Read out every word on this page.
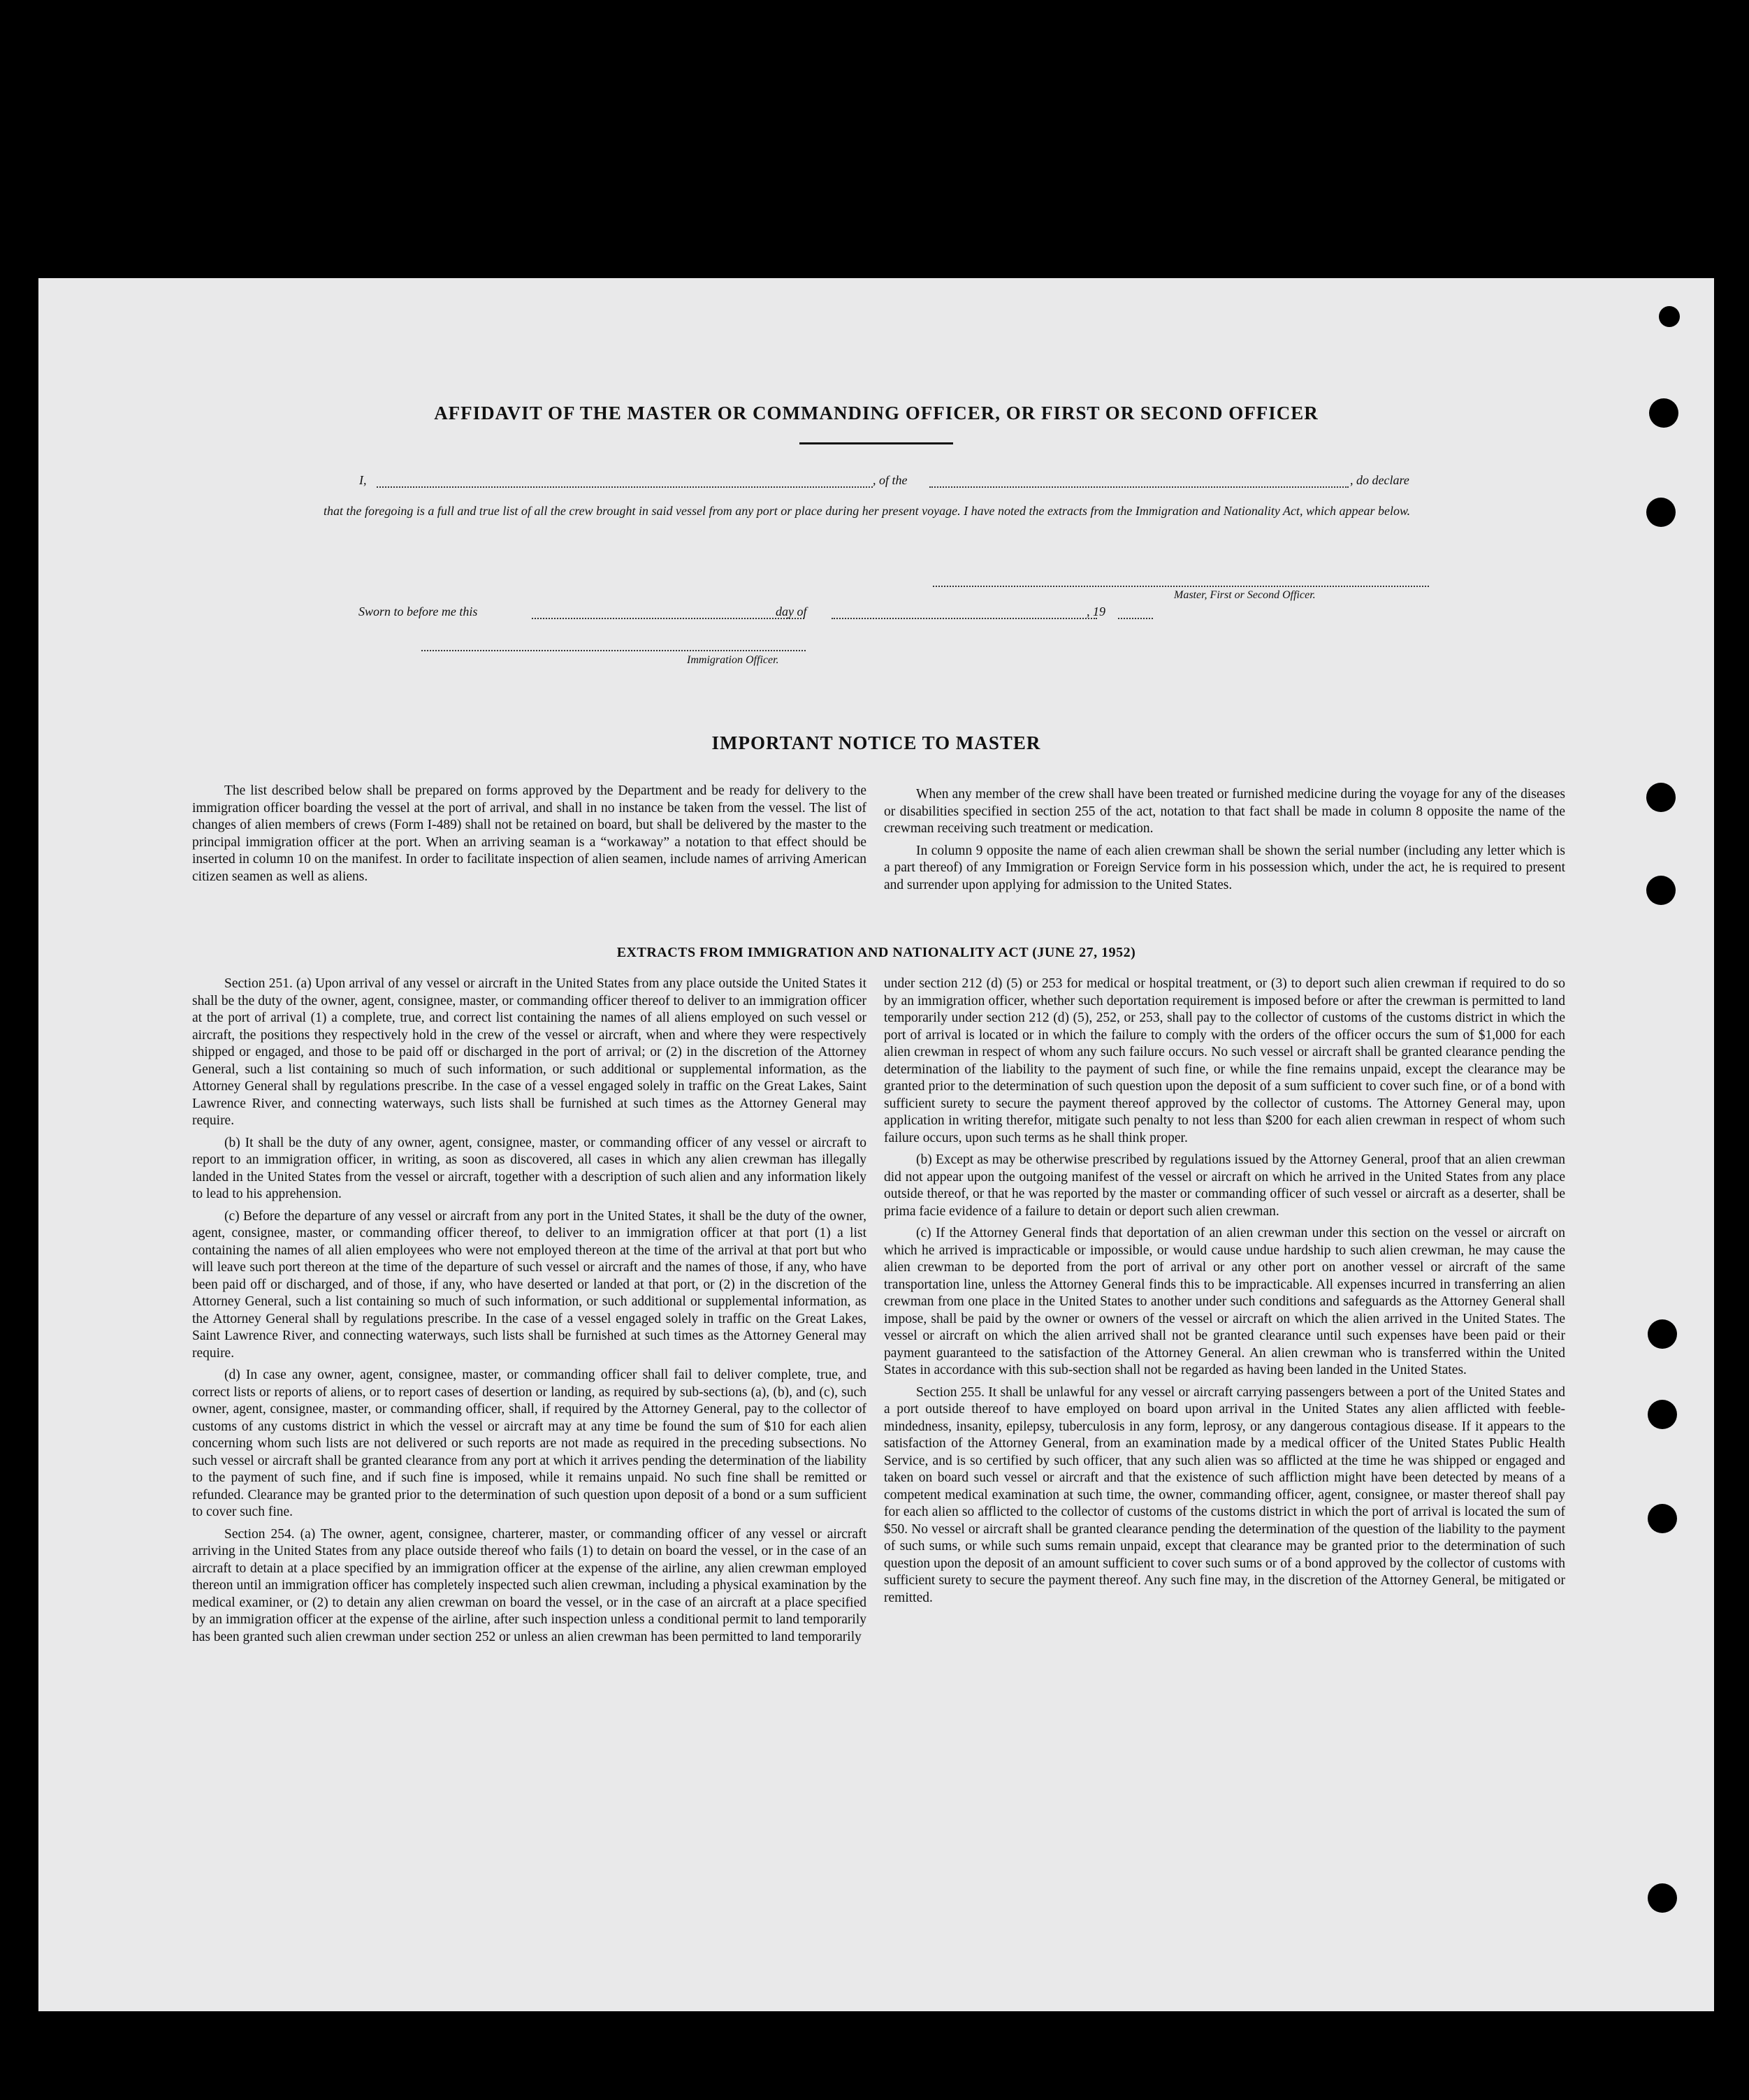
AFFIDAVIT OF THE MASTER OR COMMANDING OFFICER, OR FIRST OR SECOND OFFICER
I,	, of the	, do declare
that the foregoing is a full and true list of all the crew brought in said vessel from any port or place during her present voyage. I have noted the extracts from the Immigration and Nationality Act, which appear below.
Master, First or Second Officer.
Sworn to before me this	day of	, 19
Immigration Officer.
IMPORTANT NOTICE TO MASTER

The list described below shall be prepared on forms approved by the Department and be ready for delivery to the immigration officer boarding the vessel at the port of arrival, and shall in no instance be taken from the vessel. The list of changes of alien members of crews (Form I-489) shall not be retained on board, but shall be delivered by the master to the principal immigration officer at the port. When an arriving seaman is a “workaway” a notation to that effect should be inserted in column 10 on the manifest. In order to facilitate inspection of alien seamen, include names of arriving American citizen seamen as well as aliens.

When any member of the crew shall have been treated or furnished medicine during the voyage for any of the diseases or disabilities specified in section 255 of the act, notation to that fact shall be made in column 8 opposite the name of the crewman receiving such treatment or medication.

In column 9 opposite the name of each alien crewman shall be shown the serial number (including any letter which is a part thereof) of any Immigration or Foreign Service form in his possession which, under the act, he is required to present and surrender upon applying for admission to the United States.

EXTRACTS FROM IMMIGRATION AND NATIONALITY ACT (JUNE 27, 1952)

Section 251. (a) Upon arrival of any vessel or aircraft in the United States from any place outside the United States it shall be the duty of the owner, agent, consignee, master, or commanding officer thereof to deliver to an immigration officer at the port of arrival (1) a complete, true, and correct list containing the names of all aliens employed on such vessel or aircraft, the positions they respectively hold in the crew of the vessel or aircraft, when and where they were respectively shipped or engaged, and those to be paid off or discharged in the port of arrival; or (2) in the discretion of the Attorney General, such a list containing so much of such information, or such additional or supplemental information, as the Attorney General shall by regulations prescribe. In the case of a vessel engaged solely in traffic on the Great Lakes, Saint Lawrence River, and connecting waterways, such lists shall be furnished at such times as the Attorney General may require.

(b) It shall be the duty of any owner, agent, consignee, master, or commanding officer of any vessel or aircraft to report to an immigration officer, in writing, as soon as discovered, all cases in which any alien crewman has illegally landed in the United States from the vessel or aircraft, together with a description of such alien and any information likely to lead to his apprehension.

(c) Before the departure of any vessel or aircraft from any port in the United States, it shall be the duty of the owner, agent, consignee, master, or commanding officer thereof, to deliver to an immigration officer at that port (1) a list containing the names of all alien employees who were not employed thereon at the time of the arrival at that port but who will leave such port thereon at the time of the departure of such vessel or aircraft and the names of those, if any, who have been paid off or discharged, and of those, if any, who have deserted or landed at that port, or (2) in the discretion of the Attorney General, such a list containing so much of such information, or such additional or supplemental information, as the Attorney General shall by regulations prescribe. In the case of a vessel engaged solely in traffic on the Great Lakes, Saint Lawrence River, and connecting waterways, such lists shall be furnished at such times as the Attorney General may require.

(d) In case any owner, agent, consignee, master, or commanding officer shall fail to deliver complete, true, and correct lists or reports of aliens, or to report cases of desertion or landing, as required by sub-sections (a), (b), and (c), such owner, agent, consignee, master, or commanding officer, shall, if required by the Attorney General, pay to the collector of customs of any customs district in which the vessel or aircraft may at any time be found the sum of $10 for each alien concerning whom such lists are not delivered or such reports are not made as required in the preceding subsections. No such vessel or aircraft shall be granted clearance from any port at which it arrives pending the determination of the liability to the payment of such fine, and if such fine is imposed, while it remains unpaid. No such fine shall be remitted or refunded. Clearance may be granted prior to the determination of such question upon deposit of a bond or a sum sufficient to cover such fine.

Section 254. (a) The owner, agent, consignee, charterer, master, or commanding officer of any vessel or aircraft arriving in the United States from any place outside thereof who fails (1) to detain on board the vessel, or in the case of an aircraft to detain at a place specified by an immigration officer at the expense of the airline, any alien crewman employed thereon until an immigration officer has completely inspected such alien crewman, including a physical examination by the medical examiner, or (2) to detain any alien crewman on board the vessel, or in the case of an aircraft at a place specified by an immigration officer at the expense of the airline, after such inspection unless a conditional permit to land temporarily has been granted such alien crewman under section 252 or unless an alien crewman has been permitted to land temporarily

under section 212 (d) (5) or 253 for medical or hospital treatment, or (3) to deport such alien crewman if required to do so by an immigration officer, whether such deportation requirement is imposed before or after the crewman is permitted to land temporarily under section 212 (d) (5), 252, or 253, shall pay to the collector of customs of the customs district in which the port of arrival is located or in which the failure to comply with the orders of the officer occurs the sum of $1,000 for each alien crewman in respect of whom any such failure occurs. No such vessel or aircraft shall be granted clearance pending the determination of the liability to the payment of such fine, or while the fine remains unpaid, except the clearance may be granted prior to the determination of such question upon the deposit of a sum sufficient to cover such fine, or of a bond with sufficient surety to secure the payment thereof approved by the collector of customs. The Attorney General may, upon application in writing therefor, mitigate such penalty to not less than $200 for each alien crewman in respect of whom such failure occurs, upon such terms as he shall think proper.

(b) Except as may be otherwise prescribed by regulations issued by the Attorney General, proof that an alien crewman did not appear upon the outgoing manifest of the vessel or aircraft on which he arrived in the United States from any place outside thereof, or that he was reported by the master or commanding officer of such vessel or aircraft as a deserter, shall be prima facie evidence of a failure to detain or deport such alien crewman.

(c) If the Attorney General finds that deportation of an alien crewman under this section on the vessel or aircraft on which he arrived is impracticable or impossible, or would cause undue hardship to such alien crewman, he may cause the alien crewman to be deported from the port of arrival or any other port on another vessel or aircraft of the same transportation line, unless the Attorney General finds this to be impracticable. All expenses incurred in transferring an alien crewman from one place in the United States to another under such conditions and safeguards as the Attorney General shall impose, shall be paid by the owner or owners of the vessel or aircraft on which the alien arrived in the United States. The vessel or aircraft on which the alien arrived shall not be granted clearance until such expenses have been paid or their payment guaranteed to the satisfaction of the Attorney General. An alien crewman who is transferred within the United States in accordance with this sub-section shall not be regarded as having been landed in the United States.

Section 255. It shall be unlawful for any vessel or aircraft carrying passengers between a port of the United States and a port outside thereof to have employed on board upon arrival in the United States any alien afflicted with feeble-mindedness, insanity, epilepsy, tuberculosis in any form, leprosy, or any dangerous contagious disease. If it appears to the satisfaction of the Attorney General, from an examination made by a medical officer of the United States Public Health Service, and is so certified by such officer, that any such alien was so afflicted at the time he was shipped or engaged and taken on board such vessel or aircraft and that the existence of such affliction might have been detected by means of a competent medical examination at such time, the owner, commanding officer, agent, consignee, or master thereof shall pay for each alien so afflicted to the collector of customs of the customs district in which the port of arrival is located the sum of $50. No vessel or aircraft shall be granted clearance pending the determination of the question of the liability to the payment of such sums, or while such sums remain unpaid, except that clearance may be granted prior to the determination of such question upon the deposit of an amount sufficient to cover such sums or of a bond approved by the collector of customs with sufficient surety to secure the payment thereof. Any such fine may, in the discretion of the Attorney General, be mitigated or remitted.
